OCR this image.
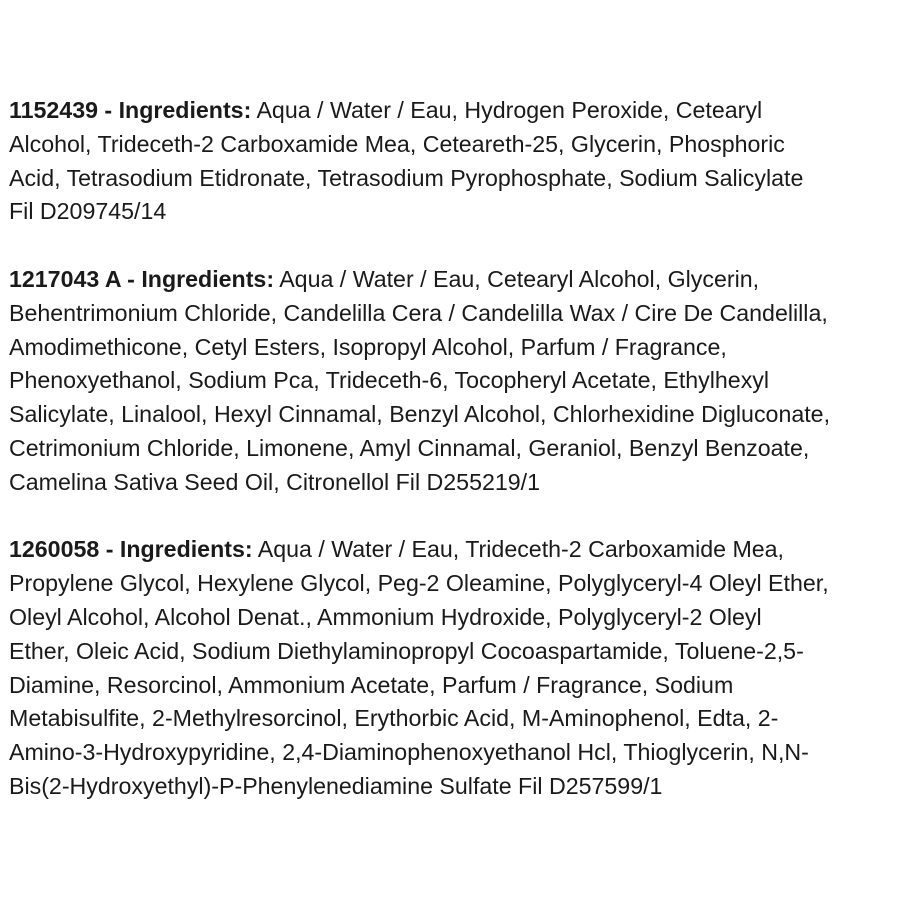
1152439 - Ingredients: Aqua / Water / Eau, Hydrogen Peroxide, Cetearyl

Alcohol, Trideceth-2 Carboxamide Mea, Ceteareth-25, Glycerin, Phosphoric

Acid, Tetrasodium Etidronate, Tetrasodium Pyrophosphate, Sodium Salicylate

Fil D209745/14

1217043 A - Ingredients: Aqua / Water / Eau, Cetearyl Alcohol, Glycerin,

Behentrimonium Chloride, Candelilla Cera / Candelilla Wax / Cire De Candelilla,

Amodimethicone, Cetyl Esters, Isopropyl Alcohol, Parfum / Fragrance,

Phenoxyethanol, Sodium Pca, Trideceth-6, Tocopheryl Acetate, Ethylhexyl

Salicylate, Linalool, Hexyl Cinnamal, Benzyl Alcohol, Chlorhexidine Digluconate,

Cetrimonium Chloride, Limonene, Amyl Cinnamal, Geraniol, Benzyl Benzoate,

Camelina Sativa Seed Oil, Citronellol Fil D255219/1

1260058 - Ingredients: Aqua / Water / Eau, Trideceth-2 Carboxamide Mea,

Propylene Glycol, Hexylene Glycol, Peg-2 Oleamine, Polyglyceryl-4 Oleyl Ether,

Oleyl Alcohol, Alcohol Denat., Ammonium Hydroxide, Polyglyceryl-2 Oleyl

Ether, Oleic Acid, Sodium Diethylaminopropyl Cocoaspartamide, Toluene-2,5-

Diamine, Resorcinol, Ammonium Acetate, Parfum / Fragrance, Sodium

Metabisulfite, 2-Methylresorcinol, Erythorbic Acid, M-Aminophenol, Edta, 2-

Amino-3-Hydroxypyridine, 2,4-Diaminophenoxyethanol Hcl, Thioglycerin, N,N-

Bis(2-Hydroxyethyl)-P-Phenylenediamine Sulfate Fil D257599/1
